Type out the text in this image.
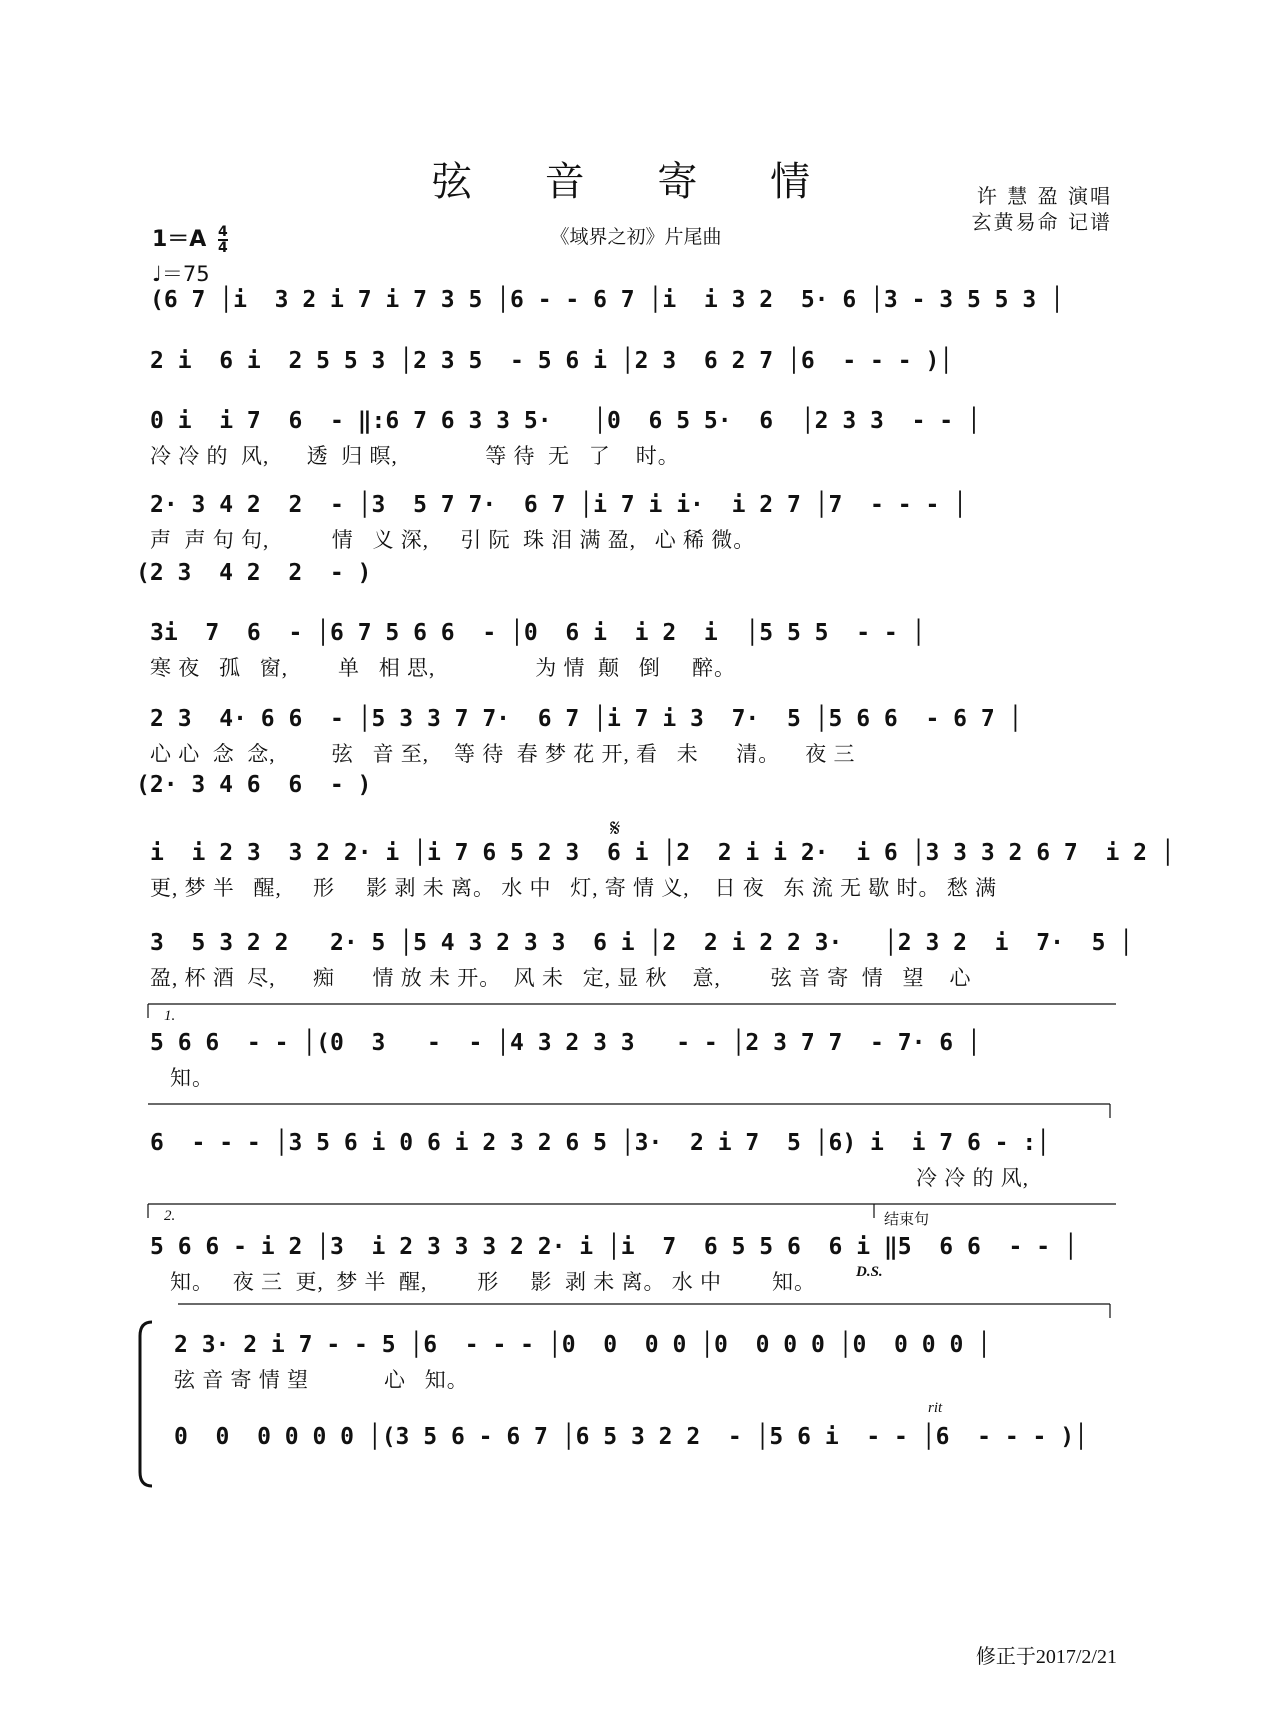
弦 音 寄 情
《域界之初》片尾曲
许 慧 盈 演唱
玄黄易命 记谱
$1=A \frac{4}{4}$
♩＝75
(6 7 │i  3 2 i 7 i 7 3 5 │6 - - 6 7 │i  i 3 2  5· 6 │3 - 3 5 5 3 │
2 i  6 i  2 5 5 3 │2 3 5  - 5 6 i │2 3  6 2 7 │6  - - - )│
0 i  i 7  6  - ‖:6 7 6 3 3 5·   │0  6 5 5·  6  │2 3 3  - - │
冷 冷 的  风,      透  归 暝,              等 待  无   了    时。
2· 3 4 2  2  - │3  5 7 7·  6 7 │i 7 i i·  i 2 7 │7  - - - │
声  声 句 句,          情   义 深,     引 阮  珠 泪 满 盈,   心 稀 微。
(2 3  4 2  2  - )
3i  7  6  - │6 7 5 6 6  - │0  6 i  i 2  i  │5 5 5  - - │
寒 夜   孤   窗,        单   相 思,                为 情  颠   倒     醉。
2 3  4· 6 6  - │5 3 3 7 7·  6 7 │i 7 i 3  7·  5 │5 6 6  - 6 7 │
心 心  念  念,         弦   音 至,    等 待  春 梦 花 开, 看   未      清。    夜 三
(2· 3 4 6  6  - )
𝄋
i  i 2 3  3 2 2· i │i 7 6 5 2 3  6 i │2  2 i i 2·  i 6 │3 3 3 2 6 7  i 2 │
更, 梦 半   醒,     形     影 剥 未 离。 水 中   灯, 寄 情 义,    日 夜   东 流 无 歇 时。 愁 满
3  5 3 2 2   2· 5 │5 4 3 2 3 3  6 i │2  2 i 2 2 3·   │2 3 2  i  7·  5 │
盈, 杯 酒  尽,      痴      情 放 未 开。  风 未   定, 显 秋    意,        弦 音 寄  情   望    心
1.
5 6 6  - - │(0  3   -  - │4 3 2 3 3   - - │2 3 7 7  - 7· 6 │
知。
6  - - - │3 5 6 i 0 6 i 2 3 2 6 5 │3·  2 i 7  5 │6) i  i 7 6 - :│
冷 冷 的 风,
2.	结束句
5 6 6 - i 2 │3  i 2 3 3 3 2 2· i │i  7  6 5 5 6  6 i ‖5  6 6  - - │
知。   夜 三  更,  梦 半  醒,        形     影  剥 未 离。 水 中        知。	D.S.
2 3· 2 i 7 - - 5 │6  - - - │0  0  0 0 │0  0 0 0 │0  0 0 0 │
弦 音 寄 情 望            心   知。
rit
0  0  0 0 0 0 │(3 5 6 - 6 7 │6 5 3 2 2  - │5 6 i  - - │6  - - - )│
修正于2017/2/21
